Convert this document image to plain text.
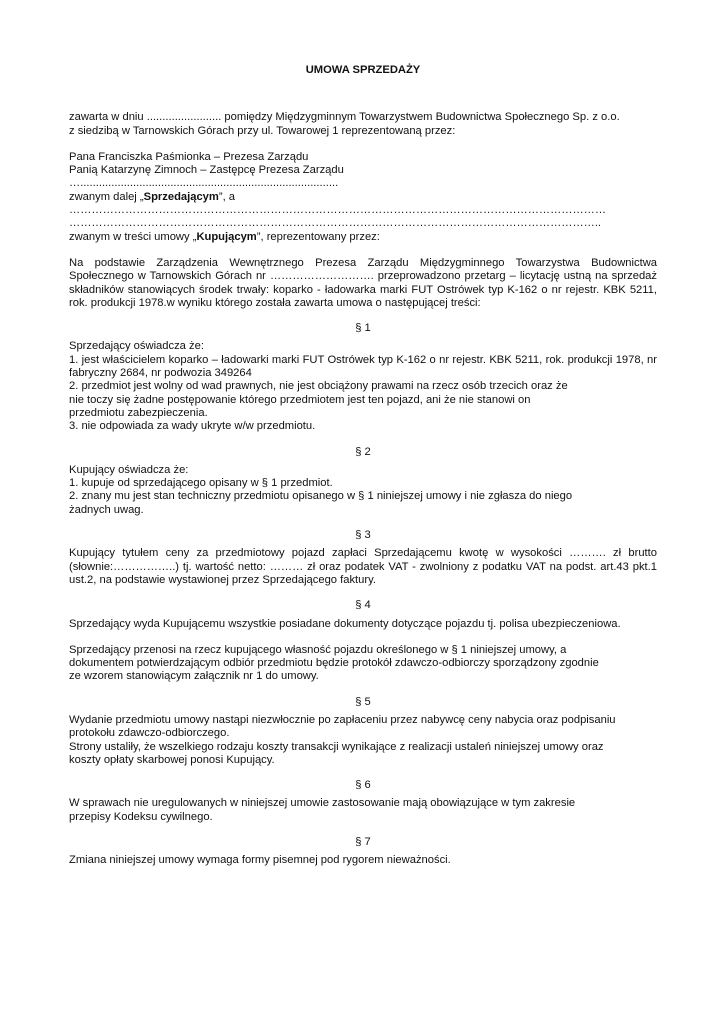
UMOWA SPRZEDAŻY
zawarta w dniu ........................ pomiędzy Międzygminnym Towarzystwem Budownictwa Społecznego Sp. z o.o.
z siedzibą w Tarnowskich Górach przy ul. Towarowej 1 reprezentowaną przez:
Pana Franciszka Paśmionka – Prezesa Zarządu
Panią Katarzynę Zimnoch – Zastępcę Prezesa Zarządu
…...................................................................................
zwanym dalej „Sprzedającym”, a
………………………………………………………………………………………………………………………………
……………………………………………………………………………………………………………………………..
zwanym w treści umowy „Kupującym”, reprezentowany przez:
Na podstawie Zarządzenia Wewnętrznego Prezesa Zarządu Międzygminnego Towarzystwa Budownictwa Społecznego w Tarnowskich Górach nr ………………………. przeprowadzono przetarg – licytację ustną na sprzedaż składników stanowiących środek trwały: koparko - ładowarka marki FUT Ostrówek typ K-162 o nr rejestr. KBK 5211, rok. produkcji 1978.w wyniku którego została zawarta umowa o następującej treści:
§ 1
Sprzedający oświadcza że:
1. jest właścicielem koparko – ładowarki marki FUT Ostrówek typ K-162 o nr rejestr. KBK 5211, rok. produkcji 1978, nr fabryczny 2684, nr podwozia 349264
2. przedmiot jest wolny od wad prawnych, nie jest obciążony prawami na rzecz osób trzecich oraz że
nie toczy się żadne postępowanie którego przedmiotem jest ten pojazd, ani że nie stanowi on
przedmiotu zabezpieczenia.
3. nie odpowiada za wady ukryte w/w przedmiotu.
§ 2
Kupujący oświadcza że:
1. kupuje od sprzedającego opisany w § 1 przedmiot.
2. znany mu jest stan techniczny przedmiotu opisanego w § 1 niniejszej umowy i nie zgłasza do niego
żadnych uwag.
§ 3
Kupujący tytułem ceny za przedmiotowy pojazd zapłaci Sprzedającemu kwotę w wysokości ………. zł brutto (słownie:……………..) tj. wartość netto: ……… zł oraz podatek VAT - zwolniony z podatku VAT na podst. art.43 pkt.1 ust.2, na podstawie wystawionej przez Sprzedającego faktury.
§ 4
Sprzedający wyda Kupującemu wszystkie posiadane dokumenty dotyczące pojazdu tj. polisa ubezpieczeniowa.
Sprzedający przenosi na rzecz kupującego własność pojazdu określonego w § 1 niniejszej umowy, a
dokumentem potwierdzającym odbiór przedmiotu będzie protokół zdawczo-odbiorczy sporządzony zgodnie
ze wzorem stanowiącym załącznik nr 1 do umowy.
§ 5
Wydanie przedmiotu umowy nastąpi niezwłocznie po zapłaceniu przez nabywcę ceny nabycia oraz podpisaniu
protokołu zdawczo-odbiorczego.
Strony ustaliły, że wszelkiego rodzaju koszty transakcji wynikające z realizacji ustaleń niniejszej umowy oraz
koszty opłaty skarbowej ponosi Kupujący.
§ 6
W sprawach nie uregulowanych w niniejszej umowie zastosowanie mają obowiązujące w tym zakresie
przepisy Kodeksu cywilnego.
§ 7
Zmiana niniejszej umowy wymaga formy pisemnej pod rygorem nieważności.
